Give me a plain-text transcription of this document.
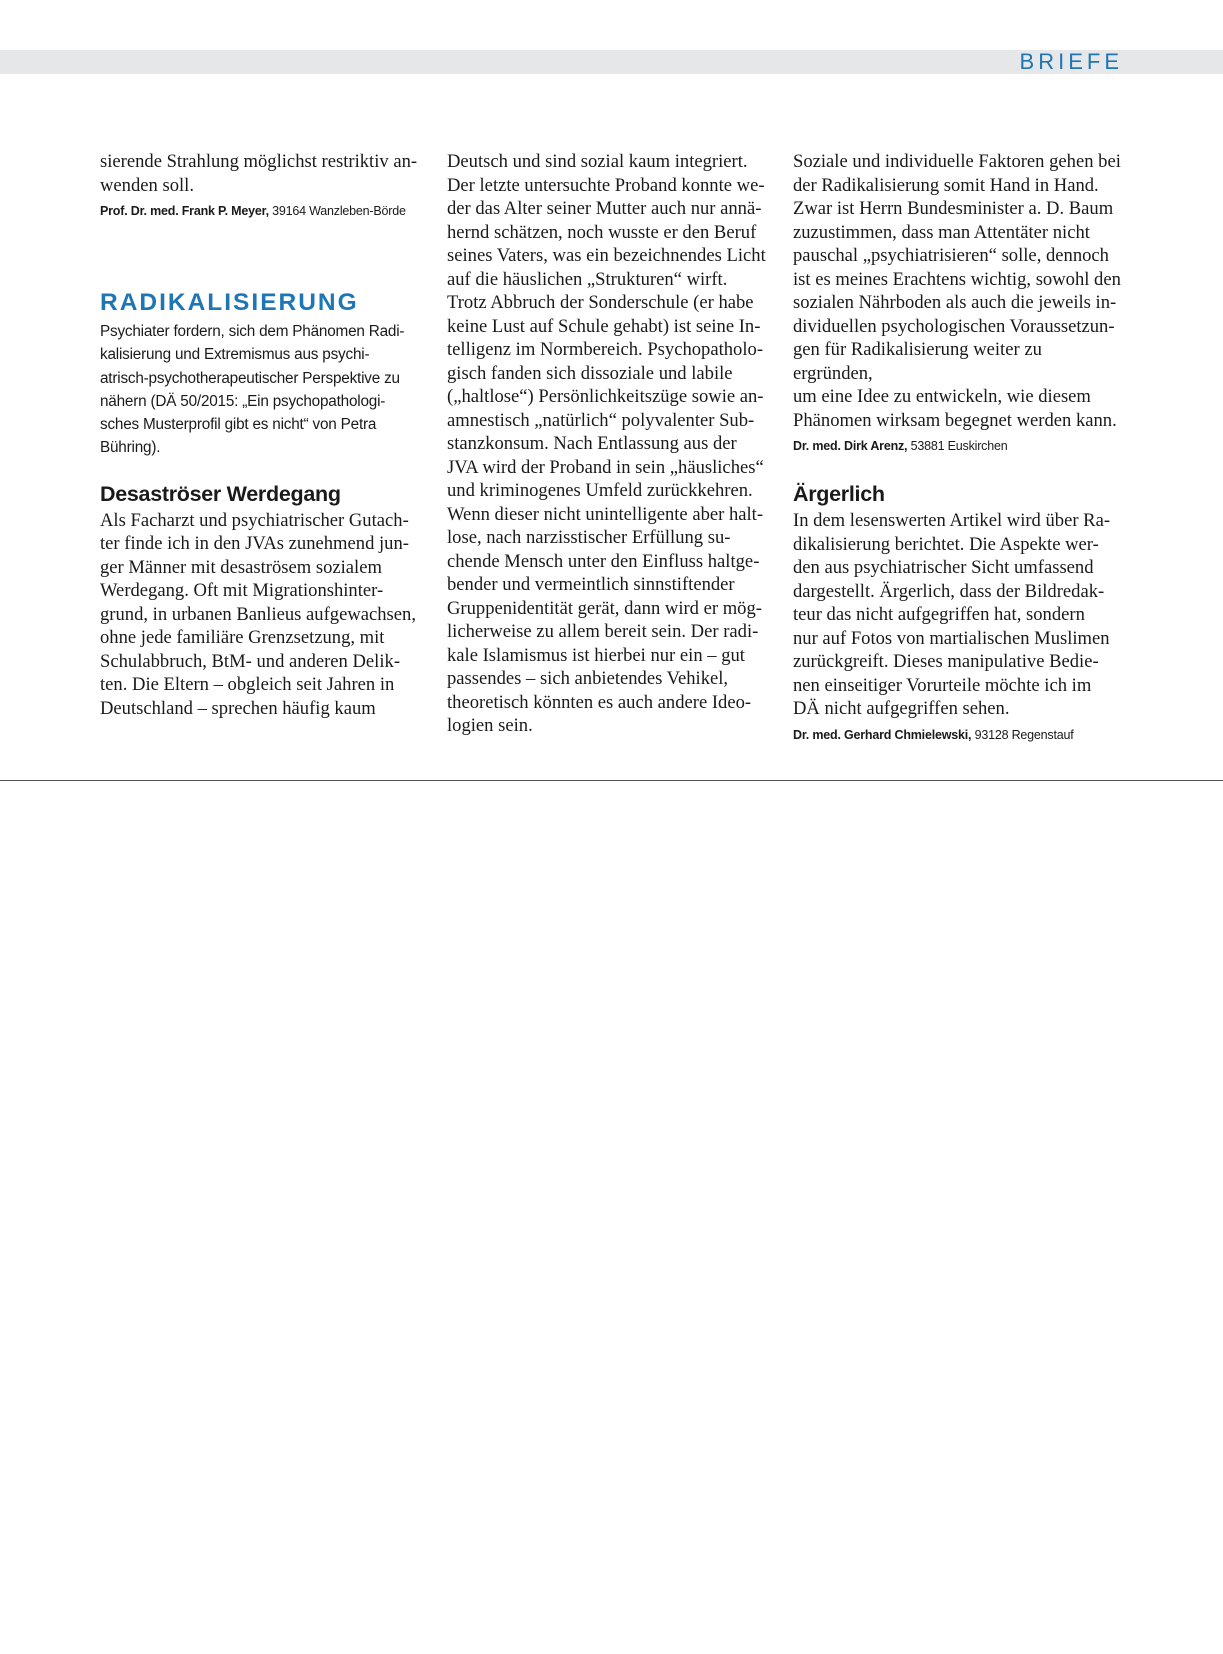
BRIEFE

sierende Strahlung möglichst restriktiv an-
wenden soll.

Prof. Dr. med. Frank P. Meyer, 39164 Wanzleben-Börde

RADIKALISIERUNG

Psychiater fordern, sich dem Phänomen Radi-
kalisierung und Extremismus aus psychi-
atrisch-psychotherapeutischer Perspektive zu
nähern (DÄ 50/2015: „Ein psychopathologi-
sches Musterprofil gibt es nicht“ von Petra
Bühring).

Desaströser Werdegang

Als Facharzt und psychiatrischer Gutach-
ter finde ich in den JVAs zunehmend jun-
ger Männer mit desaströsem sozialem
Werdegang. Oft mit Migrationshinter-
grund, in urbanen Banlieus aufgewachsen,
ohne jede familiäre Grenzsetzung, mit
Schulabbruch, BtM- und anderen Delik-
ten. Die Eltern – obgleich seit Jahren in
Deutschland – sprechen häufig kaum

Deutsch und sind sozial kaum integriert.
Der letzte untersuchte Proband konnte we-
der das Alter seiner Mutter auch nur annä-
hernd schätzen, noch wusste er den Beruf
seines Vaters, was ein bezeichnendes Licht
auf die häuslichen „Strukturen“ wirft.
Trotz Abbruch der Sonderschule (er habe
keine Lust auf Schule gehabt) ist seine In-
telligenz im Normbereich. Psychopatholo-
gisch fanden sich dissoziale und labile
(„haltlose“) Persönlichkeitszüge sowie an-
amnestisch „natürlich“ polyvalenter Sub-
stanzkonsum. Nach Entlassung aus der
JVA wird der Proband in sein „häusliches“
und kriminogenes Umfeld zurückkehren.
Wenn dieser nicht unintelligente aber halt-
lose, nach narzisstischer Erfüllung su-
chende Mensch unter den Einfluss haltge-
bender und vermeintlich sinnstiftender
Gruppenidentität gerät, dann wird er mög-
licherweise zu allem bereit sein. Der radi-
kale Islamismus ist hierbei nur ein – gut
passendes – sich anbietendes Vehikel,
theoretisch könnten es auch andere Ideo-
logien sein.

Soziale und individuelle Faktoren gehen bei
der Radikalisierung somit Hand in Hand.
Zwar ist Herrn Bundesminister a. D. Baum
zuzustimmen, dass man Attentäter nicht
pauschal „psychiatrisieren“ solle, dennoch
ist es meines Erachtens wichtig, sowohl den
sozialen Nährboden als auch die jeweils in-
dividuellen psychologischen Voraussetzun-
gen für Radikalisierung weiter zu ergründen,
um eine Idee zu entwickeln, wie diesem
Phänomen wirksam begegnet werden kann.

Dr. med. Dirk Arenz, 53881 Euskirchen

Ärgerlich

In dem lesenswerten Artikel wird über Ra-
dikalisierung berichtet. Die Aspekte wer-
den aus psychiatrischer Sicht umfassend
dargestellt. Ärgerlich, dass der Bildredak-
teur das nicht aufgegriffen hat, sondern
nur auf Fotos von martialischen Muslimen
zurückgreift. Dieses manipulative Bedie-
nen einseitiger Vorurteile möchte ich im
DÄ nicht aufgegriffen sehen.

Dr. med. Gerhard Chmielewski, 93128 Regenstauf
